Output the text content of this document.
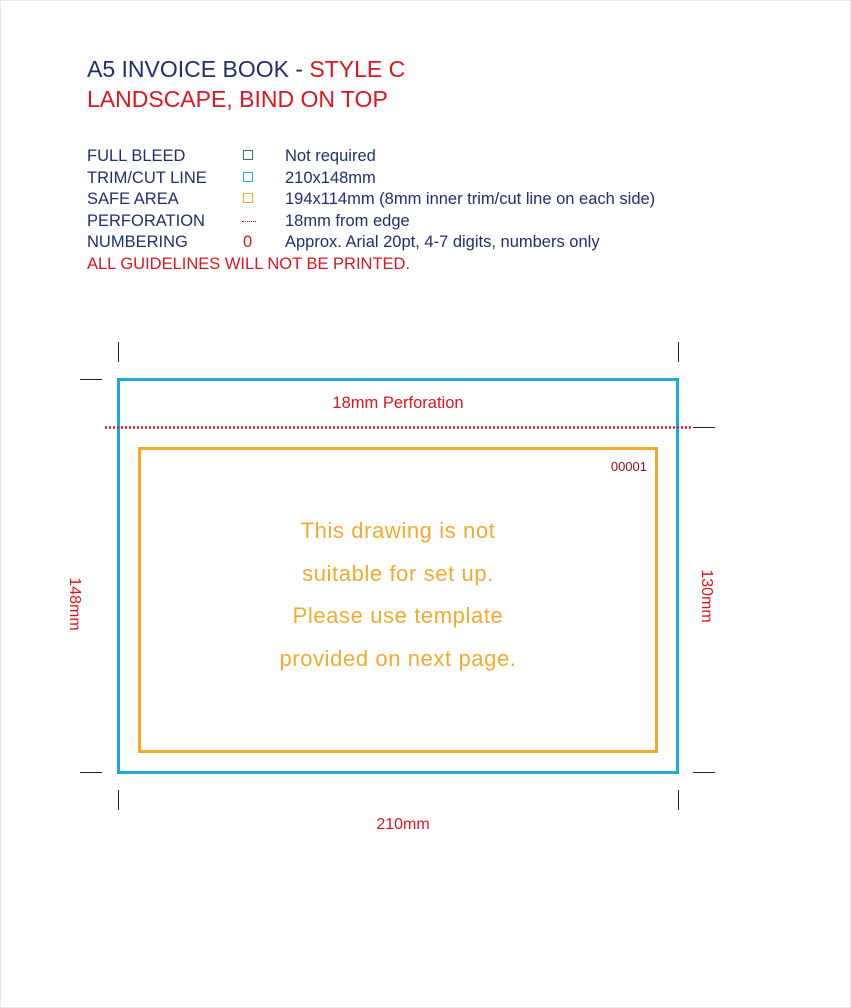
A5 INVOICE BOOK - STYLE C
LANDSCAPE, BIND ON TOP
FULL BLEED	Not required
TRIM/CUT LINE	210x148mm
SAFE AREA	194x114mm (8mm inner trim/cut line on each side)
PERFORATION	18mm from edge
NUMBERING	0 Approx. Arial 20pt, 4-7 digits, numbers only
ALL GUIDELINES WILL NOT BE PRINTED.
18mm Perforation
00001
This drawing is not
suitable for set up.
Please use template
provided on next page.
210mm
148mm	130mm
